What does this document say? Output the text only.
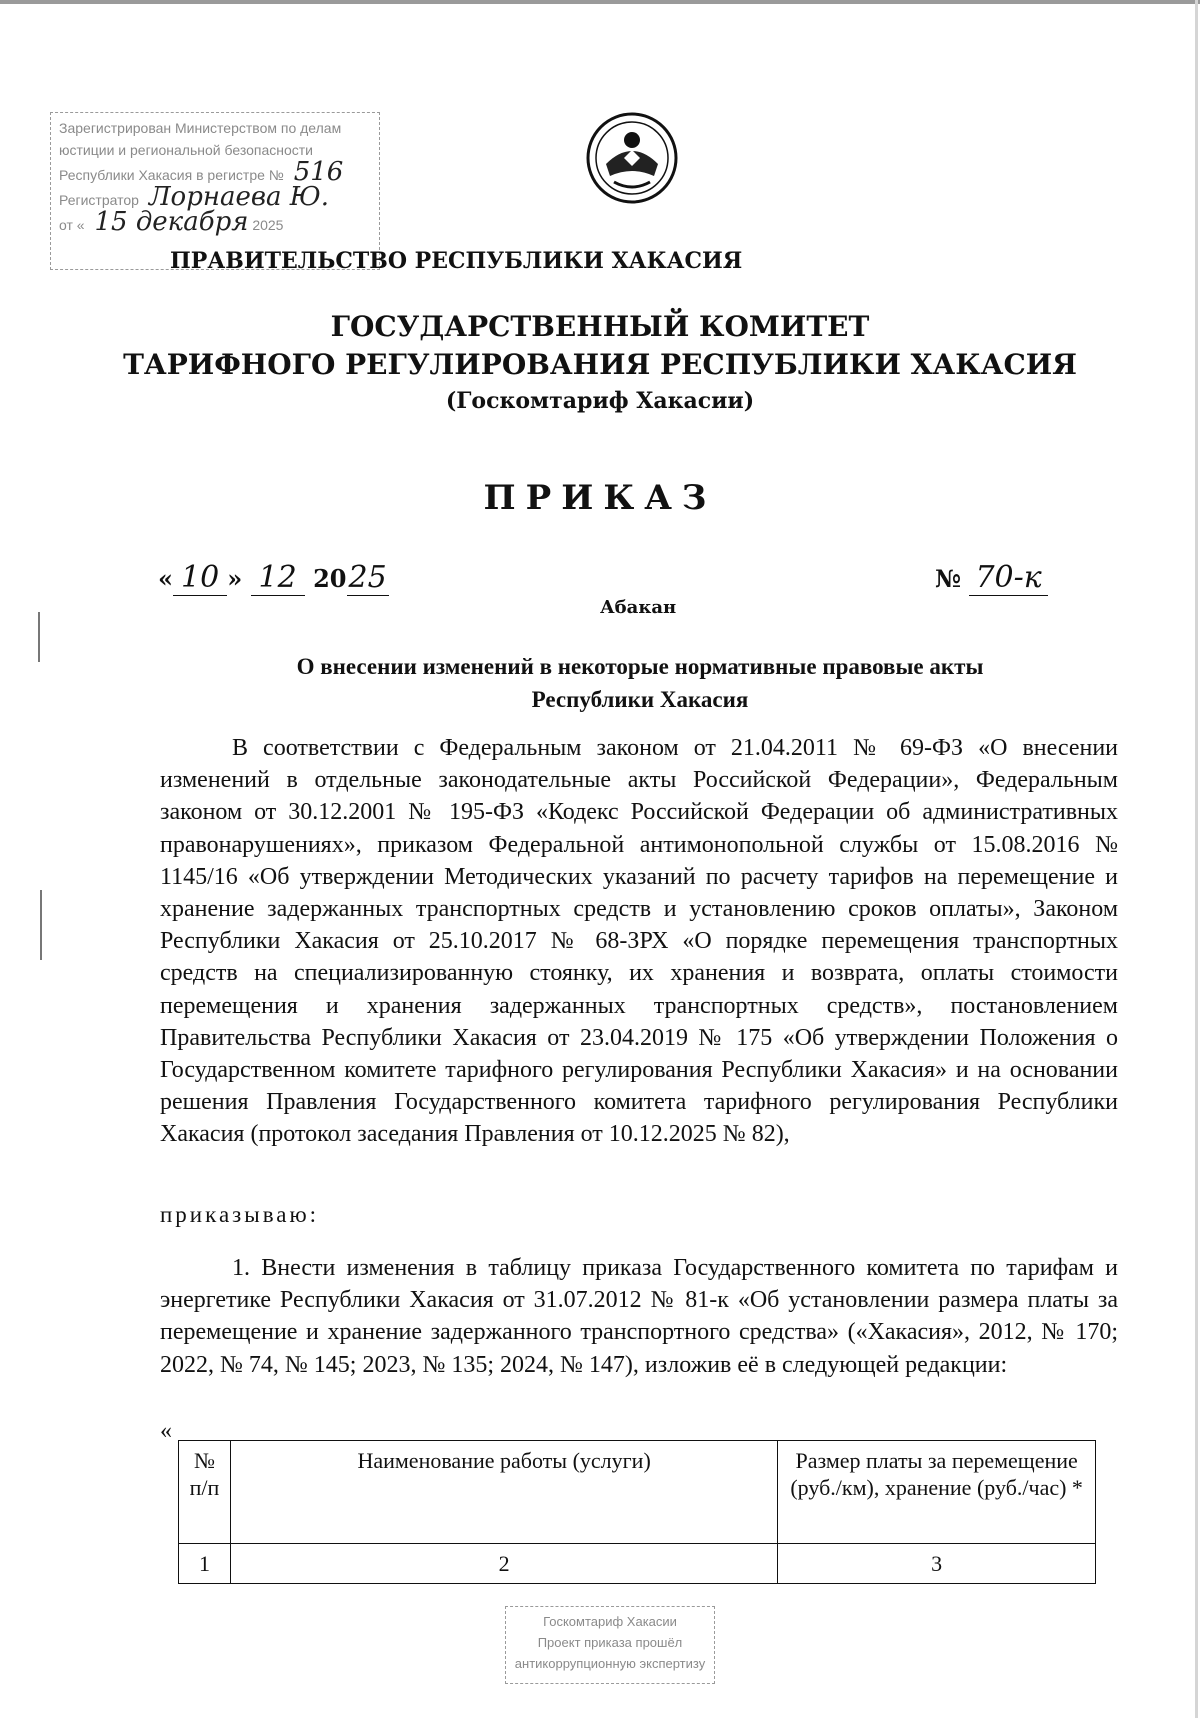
Зарегистрирован Министерством по делам
юстиции и региональной безопасности
Республики Хакасия в регистре № 516
Регистратор Лорнаева Ю.
от « 15 декабря 2025
ПРАВИТЕЛЬСТВО РЕСПУБЛИКИ ХАКАСИЯ
ГОСУДАРСТВЕННЫЙ КОМИТЕТ
ТАРИФНОГО РЕГУЛИРОВАНИЯ РЕСПУБЛИКИ ХАКАСИЯ
(Госкомтариф Хакасии)
ПРИКАЗ
« 10 » 12 2025	№ 70-к
Абакан
О внесении изменений в некоторые нормативные правовые акты
Республики Хакасия
В соответствии с Федеральным законом от 21.04.2011 № 69-ФЗ «О внесении изменений в отдельные законодательные акты Российской Федерации», Федеральным законом от 30.12.2001 № 195-ФЗ «Кодекс Российской Федерации об административных правонарушениях», приказом Федеральной антимонопольной службы от 15.08.2016 № 1145/16 «Об утверждении Методических указаний по расчету тарифов на перемещение и хранение задержанных транспортных средств и установлению сроков оплаты», Законом Республики Хакасия от 25.10.2017 № 68-ЗРХ «О порядке перемещения транспортных средств на специализированную стоянку, их хранения и возврата, оплаты стоимости перемещения и хранения задержанных транспортных средств», постановлением Правительства Республики Хакасия от 23.04.2019 № 175 «Об утверждении Положения о Государственном комитете тарифного регулирования Республики Хакасия» и на основании решения Правления Государственного комитета тарифного регулирования Республики Хакасия (протокол заседания Правления от 10.12.2025 № 82),
приказываю:
1. Внести изменения в таблицу приказа Государственного комитета по тарифам и энергетике Республики Хакасия от 31.07.2012 № 81-к «Об установлении размера платы за перемещение и хранение задержанного транспортного средства» («Хакасия», 2012, № 170; 2022, № 74, № 145; 2023, № 135; 2024, № 147), изложив её в следующей редакции:
«
№ п/п	Наименование работы (услуги)	Размер платы за перемещение (руб./км), хранение (руб./час) *
1	2	3
Госкомтариф Хакасии
Проект приказа прошёл
антикоррупционную экспертизу
